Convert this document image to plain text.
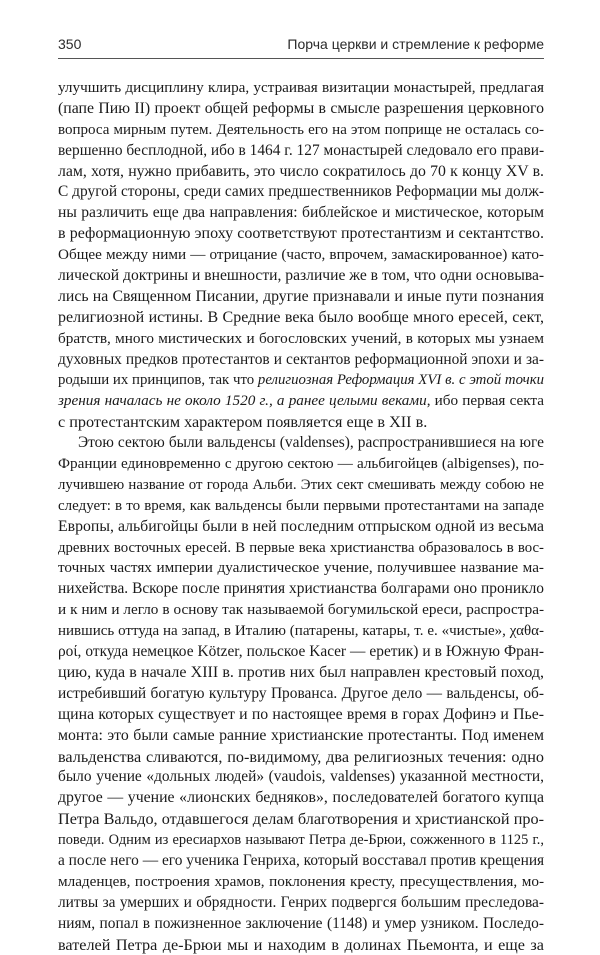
350	Порча церкви и стремление к реформе
улучшить дисциплину клира, устраивая визитации монастырей, предлагая
(папе Пию II) проект общей реформы в смысле разрешения церковного
вопроса мирным путем. Деятельность его на этом поприще не осталась со-
вершенно бесплодной, ибо в 1464 г. 127 монастырей следовало его прави-
лам, хотя, нужно прибавить, это число сократилось до 70 к концу XV в.
С другой стороны, среди самих предшественников Реформации мы долж-
ны различить еще два направления: библейское и мистическое, которым
в реформационную эпоху соответствуют протестантизм и сектантство.
Общее между ними — отрицание (часто, впрочем, замаскированное) като-
лической доктрины и внешности, различие же в том, что одни основыва-
лись на Священном Писании, другие признавали и иные пути познания
религиозной истины. В Средние века было вообще много ересей, сект,
братств, много мистических и богословских учений, в которых мы узнаем
духовных предков протестантов и сектантов реформационной эпохи и за-
родыши их принципов, так что религиозная Реформация XVI в. с этой точки
зрения началась не около 1520 г., а ранее целыми веками, ибо первая секта
с протестантским характером появляется еще в XII в.
Этою сектою были вальденсы (valdenses), распространившиеся на юге
Франции единовременно с другою сектою — альбигойцев (albigenses), по-
лучившею название от города Альби. Этих сект смешивать между собою не
следует: в то время, как вальденсы были первыми протестантами на западе
Европы, альбигойцы были в ней последним отпрыском одной из весьма
древних восточных ересей. В первые века христианства образовалось в вос-
точных частях империи дуалистическое учение, получившее название ма-
нихейства. Вскоре после принятия христианства болгарами оно проникло
и к ним и легло в основу так называемой богумильской ереси, распростра-
нившись оттуда на запад, в Италию (патарены, катары, т. е. «чистые», χαθα-
ροί, откуда немецкое Kötzer, польское Kacer — еретик) и в Южную Фран-
цию, куда в начале XIII в. против них был направлен крестовый поход,
истребивший богатую культуру Прованса. Другое дело — вальденсы, об-
щина которых существует и по настоящее время в горах Дофинэ и Пье-
монта: это были самые ранние христианские протестанты. Под именем
вальденства сливаются, по-видимому, два религиозных течения: одно
было учение «дольных людей» (vaudois, valdenses) указанной местности,
другое — учение «лионских бедняков», последователей богатого купца
Петра Вальдо, отдавшегося делам благотворения и христианской про-
поведи. Одним из ересиархов называют Петра де-Брюи, сожженного в 1125 г.,
а после него — его ученика Генриха, который восставал против крещения
младенцев, построения храмов, поклонения кресту, пресуществления, мо-
литвы за умерших и обрядности. Генрих подвергся большим преследова-
ниям, попал в пожизненное заключение (1148) и умер узником. Последо-
вателей Петра де-Брюи мы и находим в долинах Пьемонта, и еще за
